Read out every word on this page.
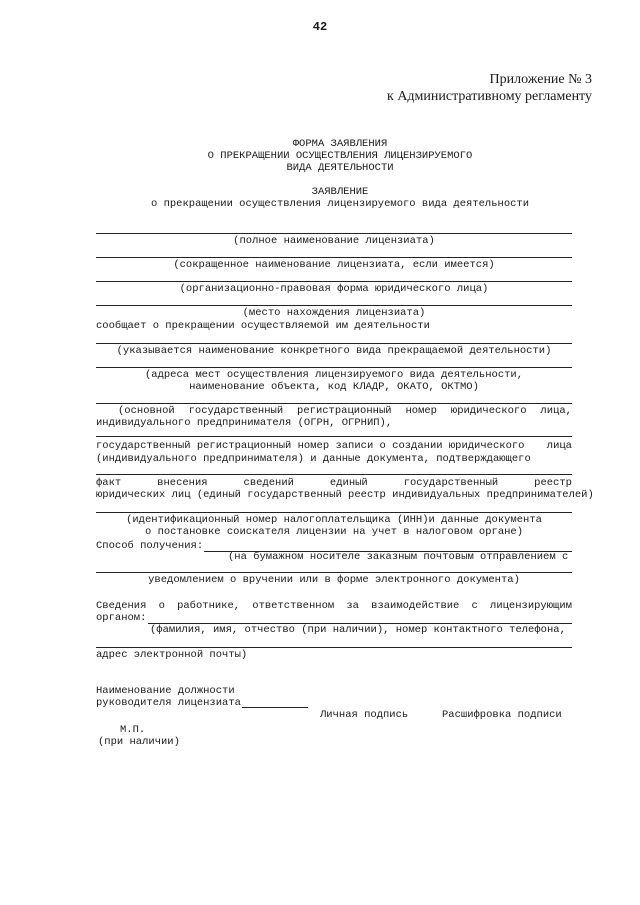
42
Приложение № 3
к Административному регламенту
ФОРМА ЗАЯВЛЕНИЯ
О ПРЕКРАЩЕНИИ ОСУЩЕСТВЛЕНИЯ ЛИЦЕНЗИРУЕМОГО
ВИДА ДЕЯТЕЛЬНОСТИ
ЗАЯВЛЕНИЕ
о прекращении осуществления лицензируемого вида деятельности
(полное наименование лицензиата)
(сокращенное наименование лицензиата, если имеется)
(организационно-правовая форма юридического лица)
(место нахождения лицензиата)
сообщает о прекращении осуществляемой им деятельности
(указывается наименование конкретного вида прекращаемой деятельности)
(адреса мест осуществления лицензируемого вида деятельности,
наименование объекта, код КЛАДР, ОКАТО, ОКТМО)
(основной государственный регистрационный номер юридического лица,
индивидуального предпринимателя (ОГРН, ОГРНИП),
государственный регистрационный номер записи о создании юридического лица
(индивидуального предпринимателя) и данные документа, подтверждающего
факт	внесения	сведений	единый	государственный	реестр
юридических лиц (единый государственный реестр индивидуальных предпринимателей)
(идентификационный номер налогоплательщика (ИНН)и данные документа
о постановке соискателя лицензии на учет в налоговом органе)
Способ получения:
(на бумажном носителе заказным почтовым отправлением с
уведомлением о вручении или в форме электронного документа)
Сведения о работнике, ответственном за взаимодействие с лицензирующим
органом:
(фамилия, имя, отчество (при наличии), номер контактного телефона,
адрес электронной почты)
Наименование должности
руководителя лицензиата
Личная подпись	Расшифровка подписи
М.П.
(при наличии)
